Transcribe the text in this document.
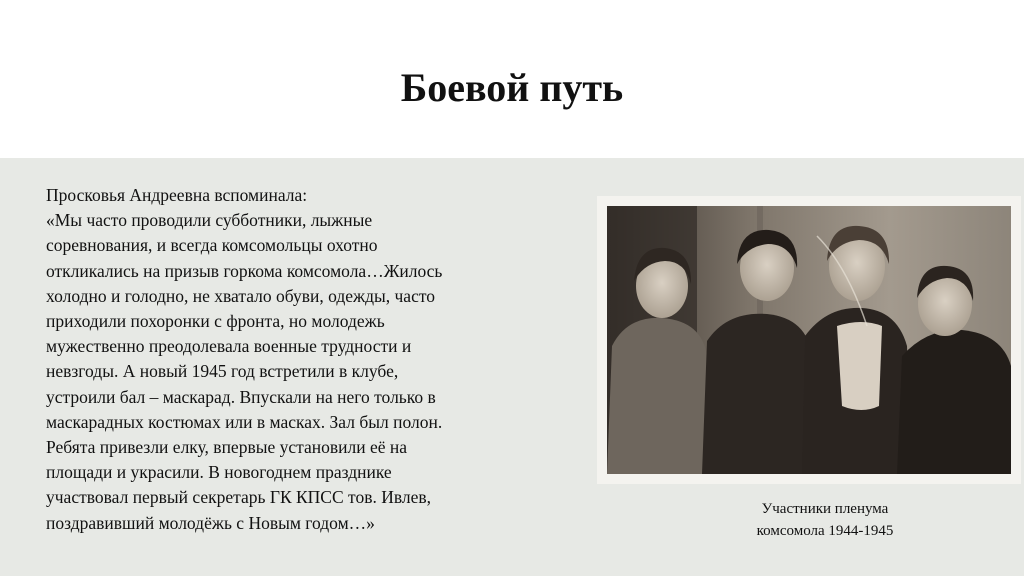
Боевой путь

Просковья Андреевна вспоминала:

«Мы часто проводили субботники, лыжные

соревнования, и всегда комсомольцы охотно

откликались на призыв горкома комсомола…Жилось

холодно и голодно, не хватало обуви, одежды, часто

приходили похоронки с фронта, но молодежь

мужественно преодолевала военные трудности и

невзгоды. А новый 1945 год встретили в клубе,

устроили бал – маскарад. Впускали на него только в

маскарадных костюмах или в масках. Зал был полон.

Ребята привезли елку, впервые установили её на

площади и украсили. В новогоднем празднике

участвовал первый секретарь ГК КПСС тов. Ивлев,

поздравивший молодёжь с Новым годом…»

Участники пленума

комсомола 1944-1945
